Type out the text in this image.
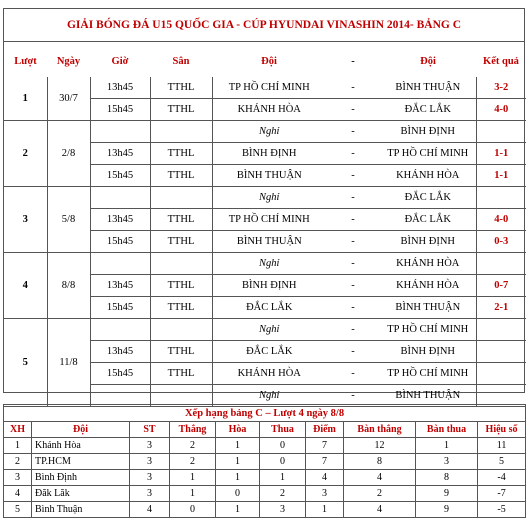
GIẢI BÓNG ĐÁ U15 QUỐC GIA - CÚP HYUNDAI VINASHIN 2014- BẢNG C
Lượt	Ngày	Giờ	Sân	Đội	-	Đội	Kết quả
1	30/7	13h45	TTHL	TP HỒ CHÍ MINH	-	BÌNH THUẬN	3-2
		15h45	TTHL	KHÁNH HÒA	-	ĐẮC LẮK	4-0
2	2/8			Nghỉ	-	BÌNH ĐỊNH	
		13h45	TTHL	BÌNH ĐỊNH	-	TP HỒ CHÍ MINH	1-1
		15h45	TTHL	BÌNH THUẬN	-	KHÁNH HÒA	1-1
3	5/8			Nghỉ	-	ĐẮC LẮK	
		13h45	TTHL	TP HỒ CHÍ MINH	-	ĐẮC LẮK	4-0
		15h45	TTHL	BÌNH THUẬN	-	BÌNH ĐỊNH	0-3
4	8/8			Nghỉ	-	KHÁNH HÒA	
		13h45	TTHL	BÌNH ĐỊNH	-	KHÁNH HÒA	0-7
		15h45	TTHL	ĐẮC LẮK	-	BÌNH THUẬN	2-1
5	11/8			Nghỉ	-	TP HỒ CHÍ MINH	
		13h45	TTHL	ĐẮC LẮK	-	BÌNH ĐỊNH	
		15h45	TTHL	KHÁNH HÒA	-	TP HỒ CHÍ MINH	
				Nghỉ	-	BÌNH THUẬN	
Xếp hạng bảng C – Lượt 4 ngày 8/8									
XH	Đội	ST	Thắng	Hòa	Thua	Điểm	Bàn thắng	Bàn thua	Hiệu số
1	Khánh Hòa	3	2	1	0	7	12	1	11
2	TP.HCM	3	2	1	0	7	8	3	5
3	Bình Định	3	1	1	1	4	4	8	-4
4	Đăk Lăk	3	1	0	2	3	2	9	-7
5	Bình Thuận	4	0	1	3	1	4	9	-5
